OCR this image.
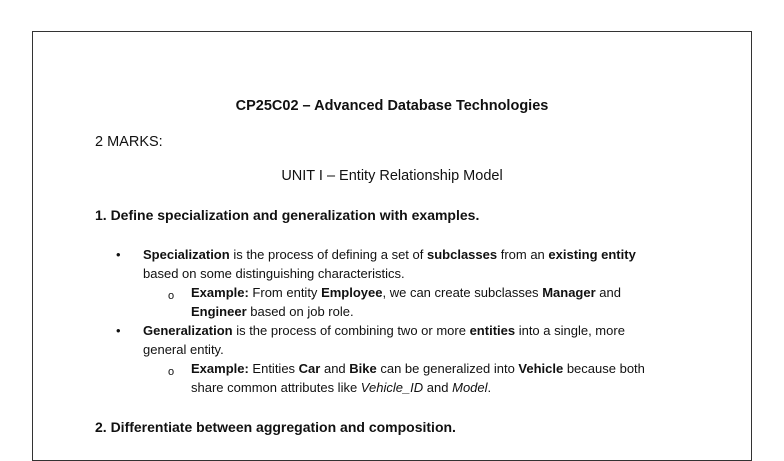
CP25C02 – Advanced Database Technologies

2 MARKS:

UNIT I – Entity Relationship Model

1. Define specialization and generalization with examples.

• Specialization is the process of defining a set of subclasses from an existing entity
based on some distinguishing characteristics.
o Example: From entity Employee, we can create subclasses Manager and
Engineer based on job role.
• Generalization is the process of combining two or more entities into a single, more
general entity.
o Example: Entities Car and Bike can be generalized into Vehicle because both
share common attributes like Vehicle_ID and Model.

2. Differentiate between aggregation and composition.
